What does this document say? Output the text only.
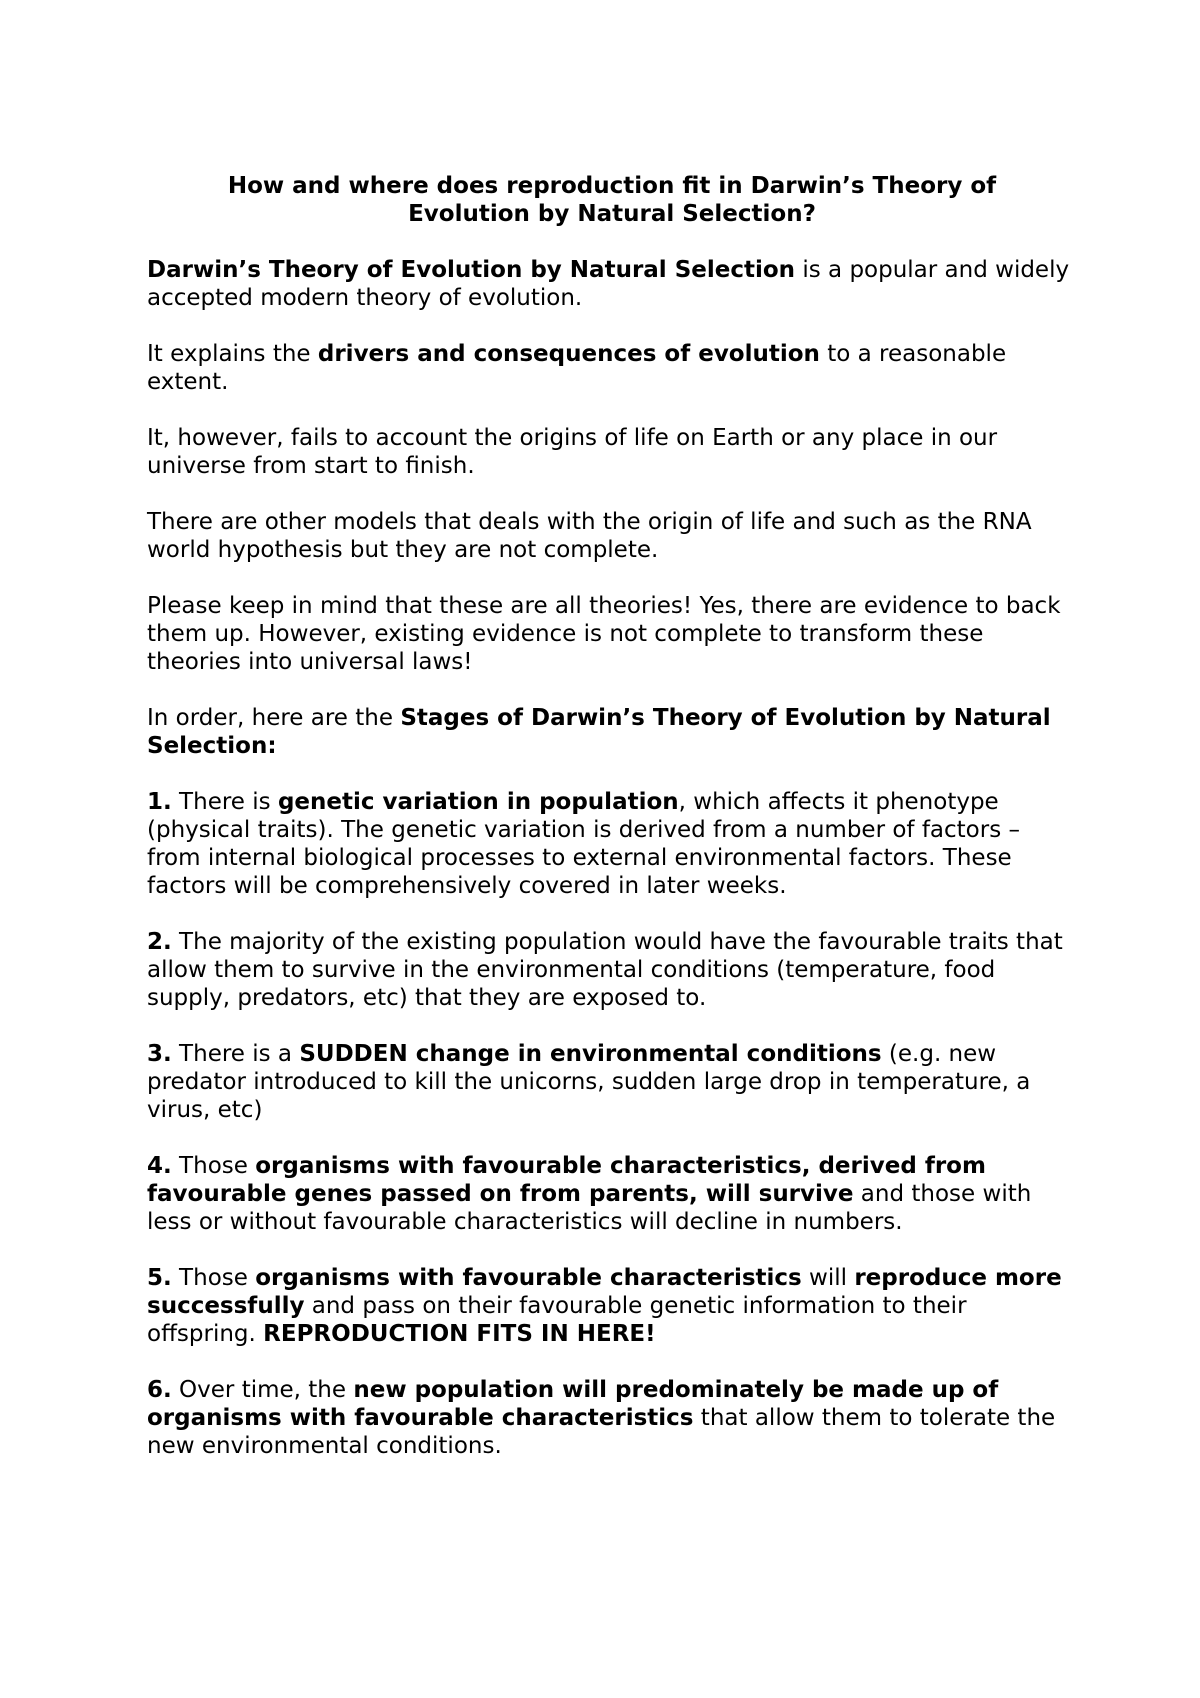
How and where does reproduction fit in Darwin’s Theory of
Evolution by Natural Selection?

Darwin’s Theory of Evolution by Natural Selection is a popular and widely accepted modern theory of evolution.

It explains the drivers and consequences of evolution to a reasonable extent.

It, however, fails to account the origins of life on Earth or any place in our universe from start to finish.

There are other models that deals with the origin of life and such as the RNA world hypothesis but they are not complete.

Please keep in mind that these are all theories! Yes, there are evidence to back them up. However, existing evidence is not complete to transform these theories into universal laws!

In order, here are the Stages of Darwin’s Theory of Evolution by Natural Selection:

1. There is genetic variation in population, which affects it phenotype (physical traits). The genetic variation is derived from a number of factors – from internal biological processes to external environmental factors. These factors will be comprehensively covered in later weeks.

2. The majority of the existing population would have the favourable traits that allow them to survive in the environmental conditions (temperature, food supply, predators, etc) that they are exposed to.

3. There is a SUDDEN change in environmental conditions (e.g. new predator introduced to kill the unicorns, sudden large drop in temperature, a virus, etc)

4. Those organisms with favourable characteristics, derived from favourable genes passed on from parents, will survive and those with less or without favourable characteristics will decline in numbers.

5. Those organisms with favourable characteristics will reproduce more successfully and pass on their favourable genetic information to their offspring. REPRODUCTION FITS IN HERE!

6. Over time, the new population will predominately be made up of organisms with favourable characteristics that allow them to tolerate the new environmental conditions.
